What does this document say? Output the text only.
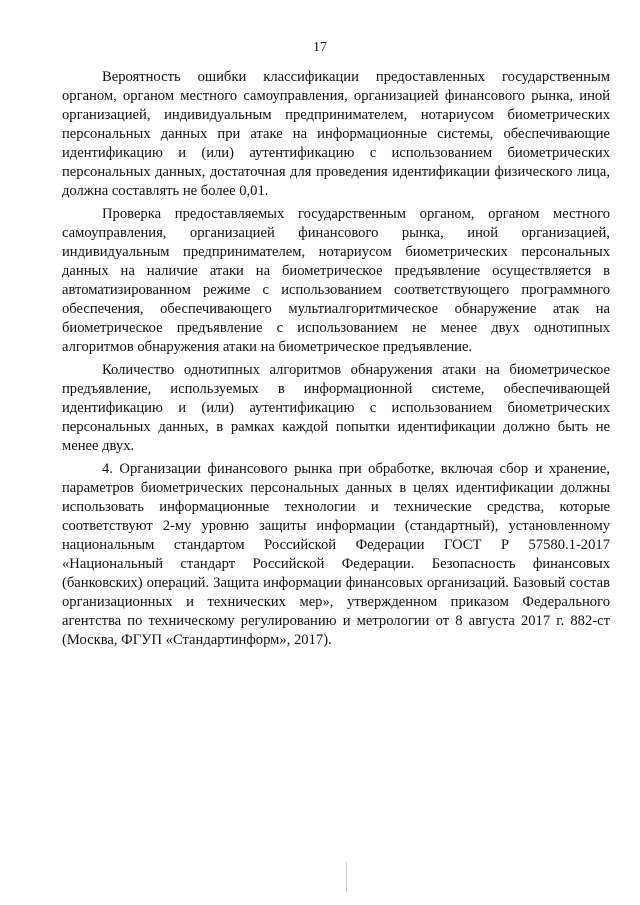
17

Вероятность ошибки классификации предоставленных государственным органом, органом местного самоуправления, организацией финансового рынка, иной организацией, индивидуальным предпринимателем, нотариусом биометрических персональных данных при атаке на информационные системы, обеспечивающие идентификацию и (или) аутентификацию с использованием биометрических персональных данных, достаточная для проведения идентификации физического лица, должна составлять не более 0,01.

Проверка предоставляемых государственным органом, органом местного самоуправления, организацией финансового рынка, иной организацией, индивидуальным предпринимателем, нотариусом биометрических персональных данных на наличие атаки на биометрическое предъявление осуществляется в автоматизированном режиме с использованием соответствующего программного обеспечения, обеспечивающего мультиалгоритмическое обнаружение атак на биометрическое предъявление с использованием не менее двух однотипных алгоритмов обнаружения атаки на биометрическое предъявление.

Количество однотипных алгоритмов обнаружения атаки на биометрическое предъявление, используемых в информационной системе, обеспечивающей идентификацию и (или) аутентификацию с использованием биометрических персональных данных, в рамках каждой попытки идентификации должно быть не менее двух.

4. Организации финансового рынка при обработке, включая сбор и хранение, параметров биометрических персональных данных в целях идентификации должны использовать информационные технологии и технические средства, которые соответствуют 2-му уровню защиты информации (стандартный), установленному национальным стандартом Российской Федерации ГОСТ Р 57580.1-2017 «Национальный стандарт Российской Федерации. Безопасность финансовых (банковских) операций. Защита информации финансовых организаций. Базовый состав организационных и технических мер», утвержденном приказом Федерального агентства по техническому регулированию и метрологии от 8 августа 2017 г. 882-ст (Москва, ФГУП «Стандартинформ», 2017).
